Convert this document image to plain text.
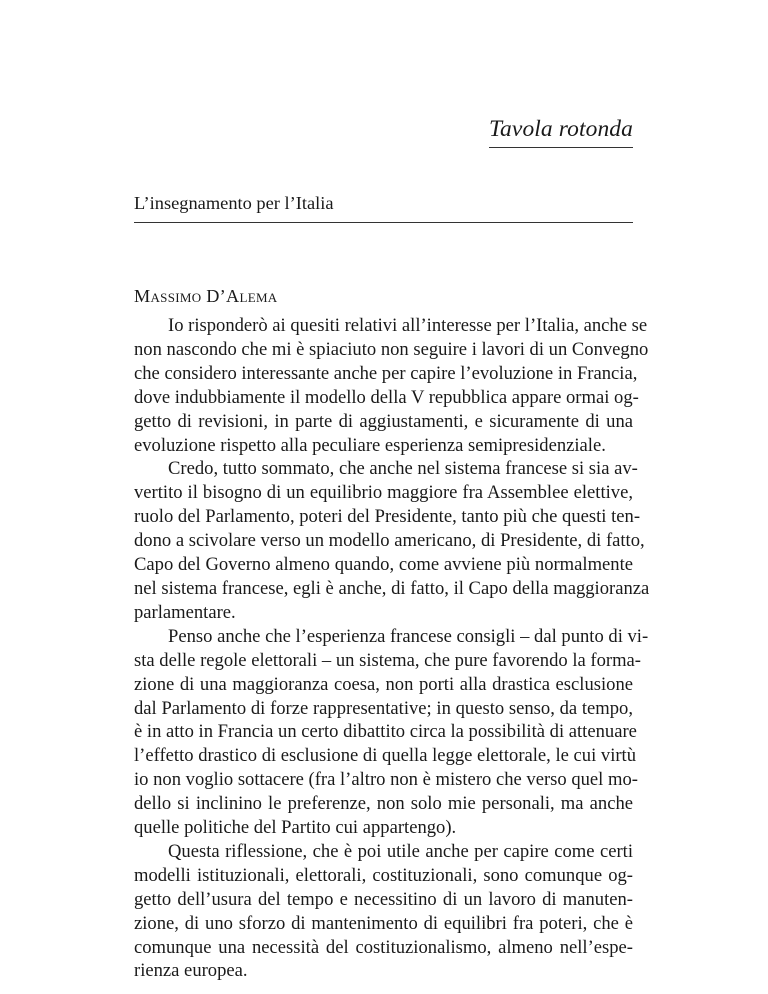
Tavola rotonda
L’insegnamento per l’Italia
Massimo D’Alema
Io risponderò ai quesiti relativi all’interesse per l’Italia, anche se
non nascondo che mi è spiaciuto non seguire i lavori di un Convegno
che considero interessante anche per capire l’evoluzione in Francia,
dove indubbiamente il modello della V repubblica appare ormai og-
getto di revisioni, in parte di aggiustamenti, e sicuramente di una
evoluzione rispetto alla peculiare esperienza semipresidenziale.
Credo, tutto sommato, che anche nel sistema francese si sia av-
vertito il bisogno di un equilibrio maggiore fra Assemblee elettive,
ruolo del Parlamento, poteri del Presidente, tanto più che questi ten-
dono a scivolare verso un modello americano, di Presidente, di fatto,
Capo del Governo almeno quando, come avviene più normalmente
nel sistema francese, egli è anche, di fatto, il Capo della maggioranza
parlamentare.
Penso anche che l’esperienza francese consigli – dal punto di vi-
sta delle regole elettorali – un sistema, che pure favorendo la forma-
zione di una maggioranza coesa, non porti alla drastica esclusione
dal Parlamento di forze rappresentative; in questo senso, da tempo,
è in atto in Francia un certo dibattito circa la possibilità di attenuare
l’effetto drastico di esclusione di quella legge elettorale, le cui virtù
io non voglio sottacere (fra l’altro non è mistero che verso quel mo-
dello si inclinino le preferenze, non solo mie personali, ma anche
quelle politiche del Partito cui appartengo).
Questa riflessione, che è poi utile anche per capire come certi
modelli istituzionali, elettorali, costituzionali, sono comunque og-
getto dell’usura del tempo e necessitino di un lavoro di manuten-
zione, di uno sforzo di mantenimento di equilibri fra poteri, che è
comunque una necessità del costituzionalismo, almeno nell’espe-
rienza europea.
